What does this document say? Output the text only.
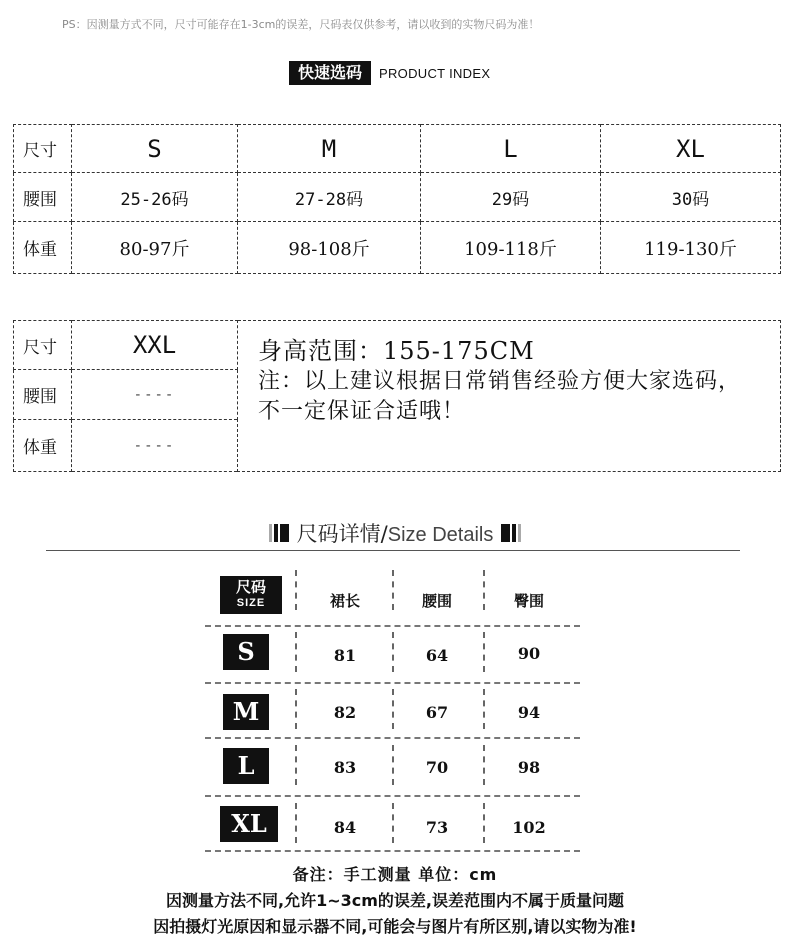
PS：因测量方式不同，尺寸可能存在1-3cm的误差，尺码表仅供参考，请以收到的实物尺码为准！
快速选码	PRODUCT INDEX
尺寸	S	M	L	XL
腰围	25-26码	27-28码	29码	30码
体重	80-97斤	98-108斤	109-118斤	119-130斤
尺寸	XXL	身高范围：155-175CM
注：以上建议根据日常销售经验方便大家选码，不一定保证合适哦！

腰围	----	
体重	----	
尺码详情/Size Details
尺码
SIZE	裙长	腰围	臀围
S	81	64	90
M	82	67	94
L	83	70	98
XL	84	73	102
备注：手工测量 单位：cm
因测量方法不同,允许1~3cm的误差,误差范围内不属于质量问题
因拍摄灯光原因和显示器不同,可能会与图片有所区别,请以实物为准!
